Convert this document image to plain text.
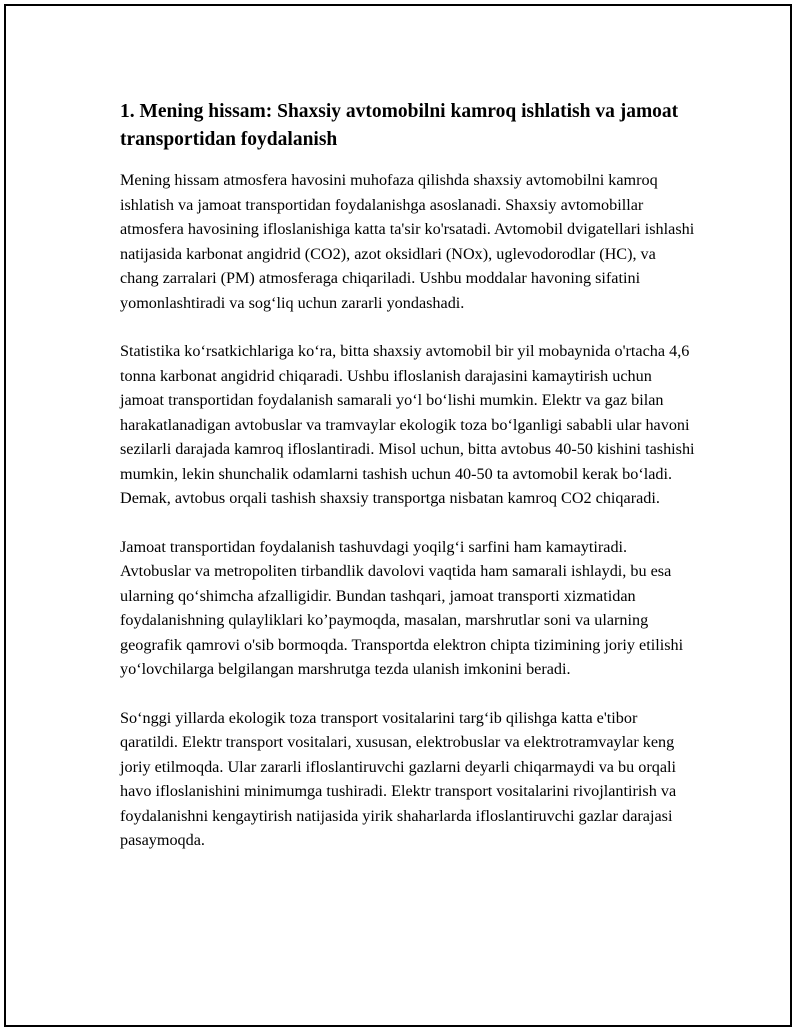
1. Mening hissam: Shaxsiy avtomobilni kamroq ishlatish va jamoat transportidan foydalanish

Mening hissam atmosfera havosini muhofaza qilishda shaxsiy avtomobilni kamroq ishlatish va jamoat transportidan foydalanishga asoslanadi. Shaxsiy avtomobillar atmosfera havosining ifloslanishiga katta ta'sir ko'rsatadi. Avtomobil dvigatellari ishlashi natijasida karbonat angidrid (CO2), azot oksidlari (NOx), uglevodorodlar (HC), va chang zarralari (PM) atmosferaga chiqariladi. Ushbu moddalar havoning sifatini yomonlashtiradi va sog‘liq uchun zararli yondashadi.

Statistika ko‘rsatkichlariga ko‘ra, bitta shaxsiy avtomobil bir yil mobaynida o'rtacha 4,6 tonna karbonat angidrid chiqaradi. Ushbu ifloslanish darajasini kamaytirish uchun jamoat transportidan foydalanish samarali yo‘l bo‘lishi mumkin. Elektr va gaz bilan harakatlanadigan avtobuslar va tramvaylar ekologik toza bo‘lganligi sababli ular havoni sezilarli darajada kamroq ifloslantiradi. Misol uchun, bitta avtobus 40-50 kishini tashishi mumkin, lekin shunchalik odamlarni tashish uchun 40-50 ta avtomobil kerak bo‘ladi. Demak, avtobus orqali tashish shaxsiy transportga nisbatan kamroq CO2 chiqaradi.

Jamoat transportidan foydalanish tashuvdagi yoqilg‘i sarfini ham kamaytiradi. Avtobuslar va metropoliten tirbandlik davolovi vaqtida ham samarali ishlaydi, bu esa ularning qo‘shimcha afzalligidir. Bundan tashqari, jamoat transporti xizmatidan foydalanishning qulayliklari ko’paymoqda, masalan, marshrutlar soni va ularning geografik qamrovi o'sib bormoqda. Transportda elektron chipta tizimining joriy etilishi yo‘lovchilarga belgilangan marshrutga tezda ulanish imkonini beradi.

So‘nggi yillarda ekologik toza transport vositalarini targ‘ib qilishga katta e'tibor qaratildi. Elektr transport vositalari, xususan, elektrobuslar va elektrotramvaylar keng joriy etilmoqda. Ular zararli ifloslantiruvchi gazlarni deyarli chiqarmaydi va bu orqali havo ifloslanishini minimumga tushiradi. Elektr transport vositalarini rivojlantirish va foydalanishni kengaytirish natijasida yirik shaharlarda ifloslantiruvchi gazlar darajasi pasaymoqda.
